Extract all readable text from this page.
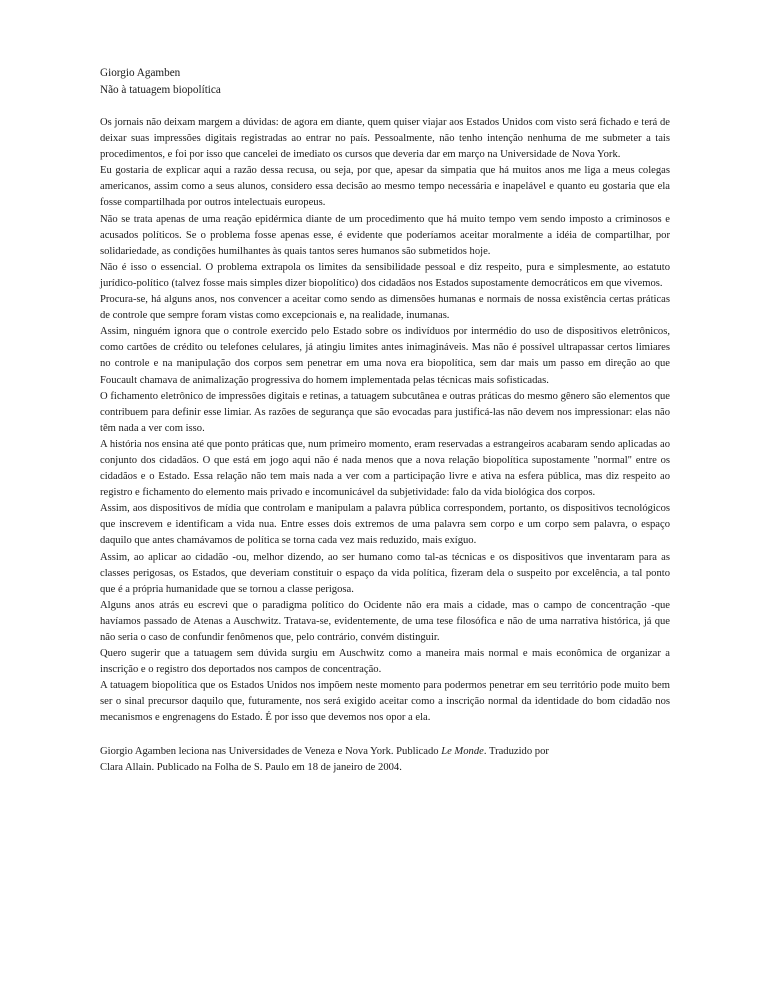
Giorgio Agamben

Não à tatuagem biopolítica

Os jornais não deixam margem a dúvidas: de agora em diante, quem quiser viajar aos Estados Unidos com visto será fichado e terá de deixar suas impressões digitais registradas ao entrar no país. Pessoalmente, não tenho intenção nenhuma de me submeter a tais procedimentos, e foi por isso que cancelei de imediato os cursos que deveria dar em março na Universidade de Nova York.

Eu gostaria de explicar aqui a razão dessa recusa, ou seja, por que, apesar da simpatia que há muitos anos me liga a meus colegas americanos, assim como a seus alunos, considero essa decisão ao mesmo tempo necessária e inapelável e quanto eu gostaria que ela fosse compartilhada por outros intelectuais europeus.

Não se trata apenas de uma reação epidérmica diante de um procedimento que há muito tempo vem sendo imposto a criminosos e acusados políticos. Se o problema fosse apenas esse, é evidente que poderíamos aceitar moralmente a idéia de compartilhar, por solidariedade, as condições humilhantes às quais tantos seres humanos são submetidos hoje.

Não é isso o essencial. O problema extrapola os limites da sensibilidade pessoal e diz respeito, pura e simplesmente, ao estatuto jurídico-político (talvez fosse mais simples dizer biopolítico) dos cidadãos nos Estados supostamente democráticos em que vivemos.

Procura-se, há alguns anos, nos convencer a aceitar como sendo as dimensões humanas e normais de nossa existência certas práticas de controle que sempre foram vistas como excepcionais e, na realidade, inumanas.

Assim, ninguém ignora que o controle exercido pelo Estado sobre os indivíduos por intermédio do uso de dispositivos eletrônicos, como cartões de crédito ou telefones celulares, já atingiu limites antes inimagináveis. Mas não é possível ultrapassar certos limiares no controle e na manipulação dos corpos sem penetrar em uma nova era biopolítica, sem dar mais um passo em direção ao que Foucault chamava de animalização progressiva do homem implementada pelas técnicas mais sofisticadas.

O fichamento eletrônico de impressões digitais e retinas, a tatuagem subcutânea e outras práticas do mesmo gênero são elementos que contribuem para definir esse limiar. As razões de segurança que são evocadas para justificá-las não devem nos impressionar: elas não têm nada a ver com isso.

A história nos ensina até que ponto práticas que, num primeiro momento, eram reservadas a estrangeiros acabaram sendo aplicadas ao conjunto dos cidadãos. O que está em jogo aqui não é nada menos que a nova relação biopolítica supostamente "normal" entre os cidadãos e o Estado. Essa relação não tem mais nada a ver com a participação livre e ativa na esfera pública, mas diz respeito ao registro e fichamento do elemento mais privado e incomunicável da subjetividade: falo da vida biológica dos corpos.

Assim, aos dispositivos de mídia que controlam e manipulam a palavra pública correspondem, portanto, os dispositivos tecnológicos que inscrevem e identificam a vida nua. Entre esses dois extremos de uma palavra sem corpo e um corpo sem palavra, o espaço daquilo que antes chamávamos de política se torna cada vez mais reduzido, mais exíguo.

Assim, ao aplicar ao cidadão -ou, melhor dizendo, ao ser humano como tal-as técnicas e os dispositivos que inventaram para as classes perigosas, os Estados, que deveriam constituir o espaço da vida política, fizeram dela o suspeito por excelência, a tal ponto que é a própria humanidade que se tornou a classe perigosa.

Alguns anos atrás eu escrevi que o paradigma político do Ocidente não era mais a cidade, mas o campo de concentração -que havíamos passado de Atenas a Auschwitz. Tratava-se, evidentemente, de uma tese filosófica e não de uma narrativa histórica, já que não seria o caso de confundir fenômenos que, pelo contrário, convém distinguir.

Quero sugerir que a tatuagem sem dúvida surgiu em Auschwitz como a maneira mais normal e mais econômica de organizar a inscrição e o registro dos deportados nos campos de concentração.

A tatuagem biopolítica que os Estados Unidos nos impõem neste momento para podermos penetrar em seu território pode muito bem ser o sinal precursor daquilo que, futuramente, nos será exigido aceitar como a inscrição normal da identidade do bom cidadão nos mecanismos e engrenagens do Estado. É por isso que devemos nos opor a ela.

Giorgio Agamben leciona nas Universidades de Veneza e Nova York. Publicado Le Monde. Traduzido por

Clara Allain. Publicado na Folha de S. Paulo em 18 de janeiro de 2004.
